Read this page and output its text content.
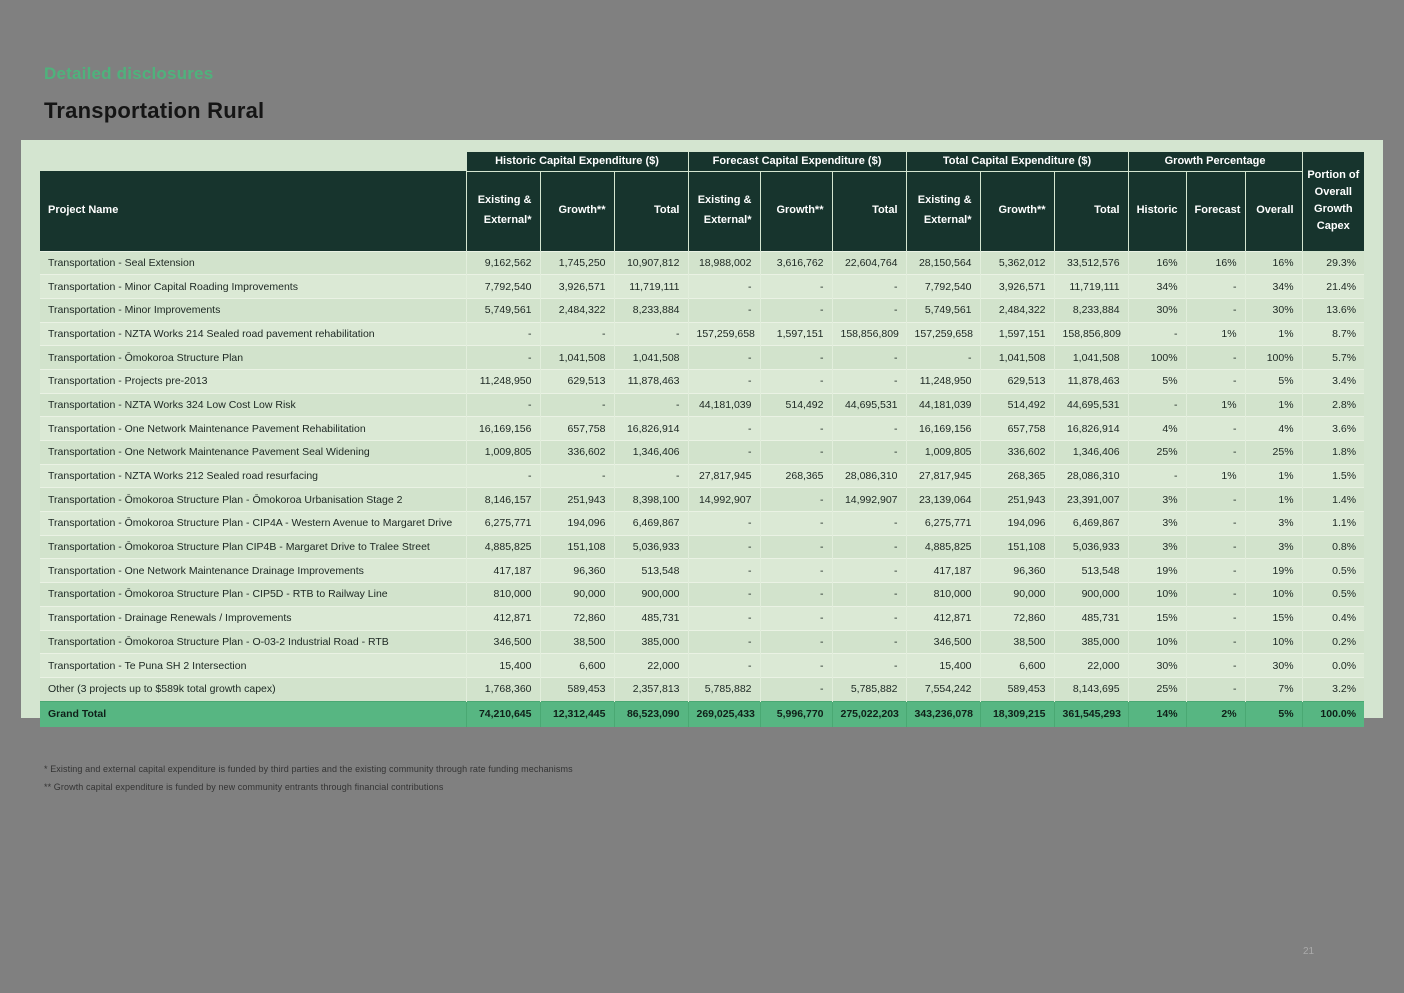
Detailed disclosures
Transportation Rural
	Historic Capital Expenditure ($)			Forecast Capital Expenditure ($)			Total Capital Expenditure ($)			Growth Percentage			Portion of Overall Growth Capex
Project Name	Existing & External*	Growth**	Total	Existing & External*	Growth**	Total	Existing & External*	Growth**	Total	Historic	Forecast	Overall	
Transportation - Seal Extension	9,162,562	1,745,250	10,907,812	18,988,002	3,616,762	22,604,764	28,150,564	5,362,012	33,512,576	16%	16%	16%	29.3%
Transportation - Minor Capital Roading Improvements	7,792,540	3,926,571	11,719,111	-	-	-	7,792,540	3,926,571	11,719,111	34%	-	34%	21.4%
Transportation - Minor Improvements	5,749,561	2,484,322	8,233,884	-	-	-	5,749,561	2,484,322	8,233,884	30%	-	30%	13.6%
Transportation - NZTA Works 214 Sealed road pavement rehabilitation	-	-	-	157,259,658	1,597,151	158,856,809	157,259,658	1,597,151	158,856,809	-	1%	1%	8.7%
Transportation - Ōmokoroa Structure Plan	-	1,041,508	1,041,508	-	-	-	-	1,041,508	1,041,508	100%	-	100%	5.7%
Transportation - Projects pre-2013	11,248,950	629,513	11,878,463	-	-	-	11,248,950	629,513	11,878,463	5%	-	5%	3.4%
Transportation - NZTA Works 324 Low Cost Low Risk	-	-	-	44,181,039	514,492	44,695,531	44,181,039	514,492	44,695,531	-	1%	1%	2.8%
Transportation - One Network Maintenance Pavement Rehabilitation	16,169,156	657,758	16,826,914	-	-	-	16,169,156	657,758	16,826,914	4%	-	4%	3.6%
Transportation - One Network Maintenance Pavement Seal Widening	1,009,805	336,602	1,346,406	-	-	-	1,009,805	336,602	1,346,406	25%	-	25%	1.8%
Transportation - NZTA Works 212 Sealed road resurfacing	-	-	-	27,817,945	268,365	28,086,310	27,817,945	268,365	28,086,310	-	1%	1%	1.5%
Transportation - Ōmokoroa Structure Plan - Ōmokoroa Urbanisation Stage 2	8,146,157	251,943	8,398,100	14,992,907	-	14,992,907	23,139,064	251,943	23,391,007	3%	-	1%	1.4%
Transportation - Ōmokoroa Structure Plan - CIP4A - Western Avenue to Margaret Drive	6,275,771	194,096	6,469,867	-	-	-	6,275,771	194,096	6,469,867	3%	-	3%	1.1%
Transportation - Ōmokoroa Structure Plan CIP4B - Margaret Drive to Tralee Street	4,885,825	151,108	5,036,933	-	-	-	4,885,825	151,108	5,036,933	3%	-	3%	0.8%
Transportation - One Network Maintenance Drainage Improvements	417,187	96,360	513,548	-	-	-	417,187	96,360	513,548	19%	-	19%	0.5%
Transportation - Ōmokoroa Structure Plan - CIP5D - RTB to Railway Line	810,000	90,000	900,000	-	-	-	810,000	90,000	900,000	10%	-	10%	0.5%
Transportation - Drainage Renewals / Improvements	412,871	72,860	485,731	-	-	-	412,871	72,860	485,731	15%	-	15%	0.4%
Transportation - Ōmokoroa Structure Plan - O-03-2 Industrial Road - RTB	346,500	38,500	385,000	-	-	-	346,500	38,500	385,000	10%	-	10%	0.2%
Transportation - Te Puna SH 2 Intersection	15,400	6,600	22,000	-	-	-	15,400	6,600	22,000	30%	-	30%	0.0%
Other (3 projects up to $589k total growth capex)	1,768,360	589,453	2,357,813	5,785,882	-	5,785,882	7,554,242	589,453	8,143,695	25%	-	7%	3.2%
Grand Total	74,210,645	12,312,445	86,523,090	269,025,433	5,996,770	275,022,203	343,236,078	18,309,215	361,545,293	14%	2%	5%	100.0%
* Existing and external capital expenditure is funded by third parties and the existing community through rate funding mechanisms
** Growth capital expenditure is funded by new community entrants through financial contributions
21
